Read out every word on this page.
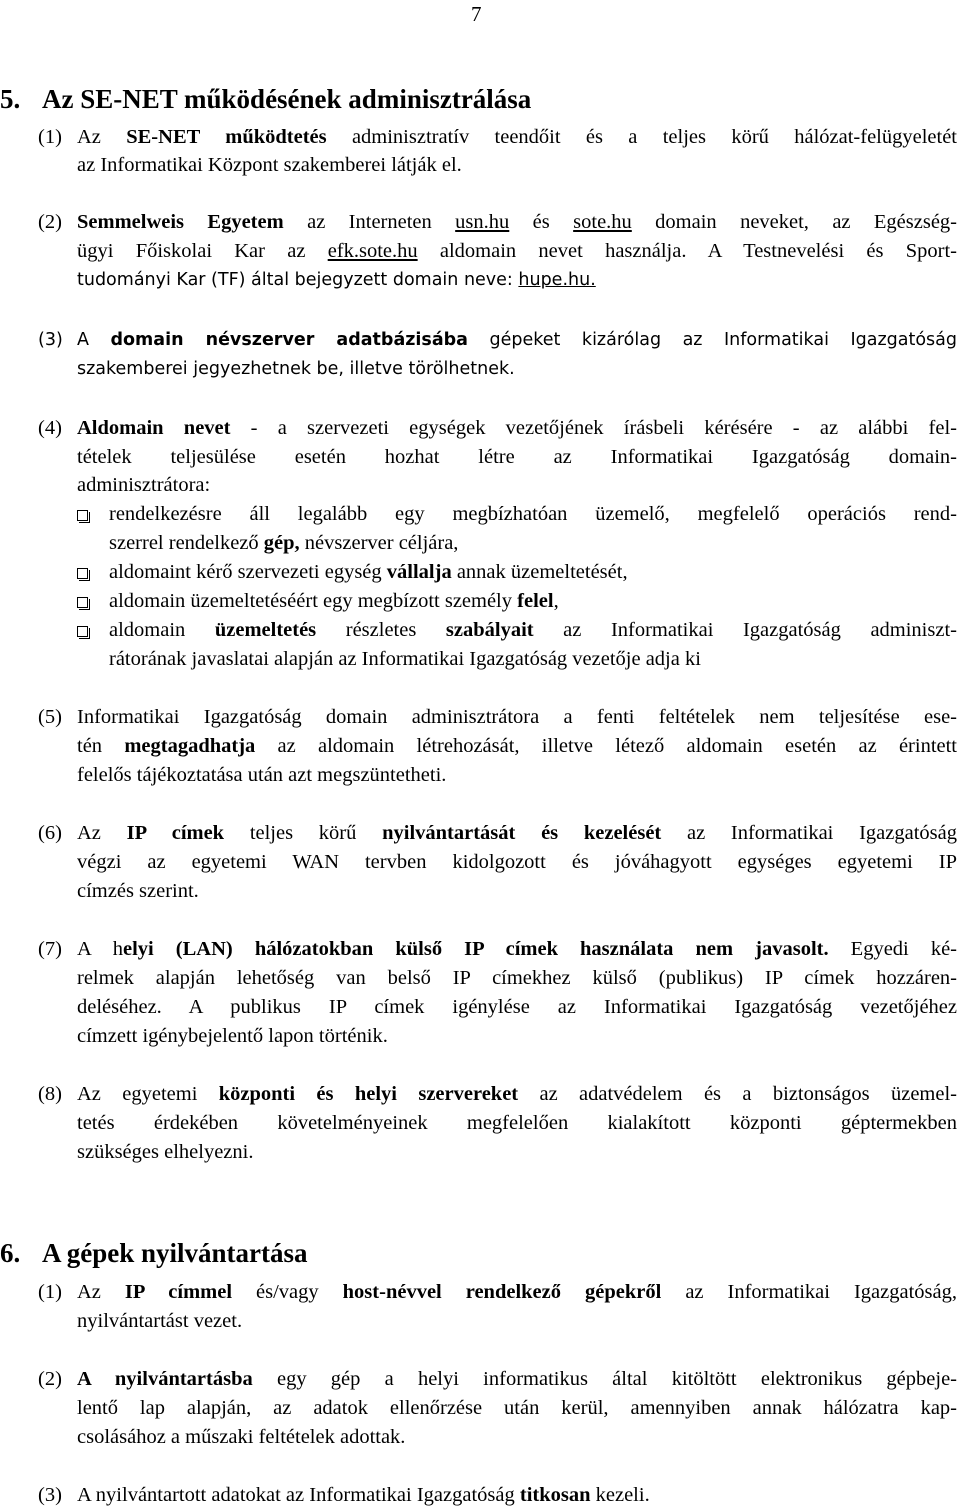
7
5. Az SE-NET működésének adminisztrálása
(1) Az SE-NET működtetés adminisztratív teendőit és a teljes körű hálózat-felügyeletét
az Informatikai Központ szakemberei látják el.
(2) Semmelweis Egyetem az Interneten usn.hu és sote.hu domain neveket, az Egészség-
ügyi Főiskolai Kar az efk.sote.hu aldomain nevet használja. A Testnevelési és Sport-
tudományi Kar (TF) által bejegyzett domain neve: hupe.hu.
(3) A domain névszerver adatbázisába gépeket kizárólag az Informatikai Igazgatóság
szakemberei jegyezhetnek be, illetve törölhetnek.
(4) Aldomain nevet - a szervezeti egységek vezetőjének írásbeli kérésére - az alábbi fel-
tételek teljesülése esetén hozhat létre az Informatikai Igazgatóság domain-
adminisztrátora:
rendelkezésre áll legalább egy megbízhatóan üzemelő, megfelelő operációs rend-
szerrel rendelkező gép, névszerver céljára,
aldomaint kérő szervezeti egység vállalja annak üzemeltetését,
aldomain üzemeltetéséért egy megbízott személy felel,
aldomain üzemeltetés részletes szabályait az Informatikai Igazgatóság adminiszt-
rátorának javaslatai alapján az Informatikai Igazgatóság vezetője adja ki
(5) Informatikai Igazgatóság domain adminisztrátora a fenti feltételek nem teljesítése ese-
tén megtagadhatja az aldomain létrehozását, illetve létező aldomain esetén az érintett
felelős tájékoztatása után azt megszüntetheti.
(6) Az IP címek teljes körű nyilvántartását és kezelését az Informatikai Igazgatóság
végzi az egyetemi WAN tervben kidolgozott és jóváhagyott egységes egyetemi IP
címzés szerint.
(7) A helyi (LAN) hálózatokban külső IP címek használata nem javasolt. Egyedi ké-
relmek alapján lehetőség van belső IP címekhez külső (publikus) IP címek hozzáren-
deléséhez. A publikus IP címek igénylése az Informatikai Igazgatóság vezetőjéhez
címzett igénybejelentő lapon történik.
(8) Az egyetemi központi és helyi szervereket az adatvédelem és a biztonságos üzemel-
tetés érdekében követelményeinek megfelelően kialakított központi géptermekben
szükséges elhelyezni.
6. A gépek nyilvántartása
(1) Az IP címmel és/vagy host-névvel rendelkező gépekről az Informatikai Igazgatóság,
nyilvántartást vezet.
(2) A nyilvántartásba egy gép a helyi informatikus által kitöltött elektronikus gépbeje-
lentő lap alapján, az adatok ellenőrzése után kerül, amennyiben annak hálózatra kap-
csolásához a műszaki feltételek adottak.
(3) A nyilvántartott adatokat az Informatikai Igazgatóság titkosan kezeli.
